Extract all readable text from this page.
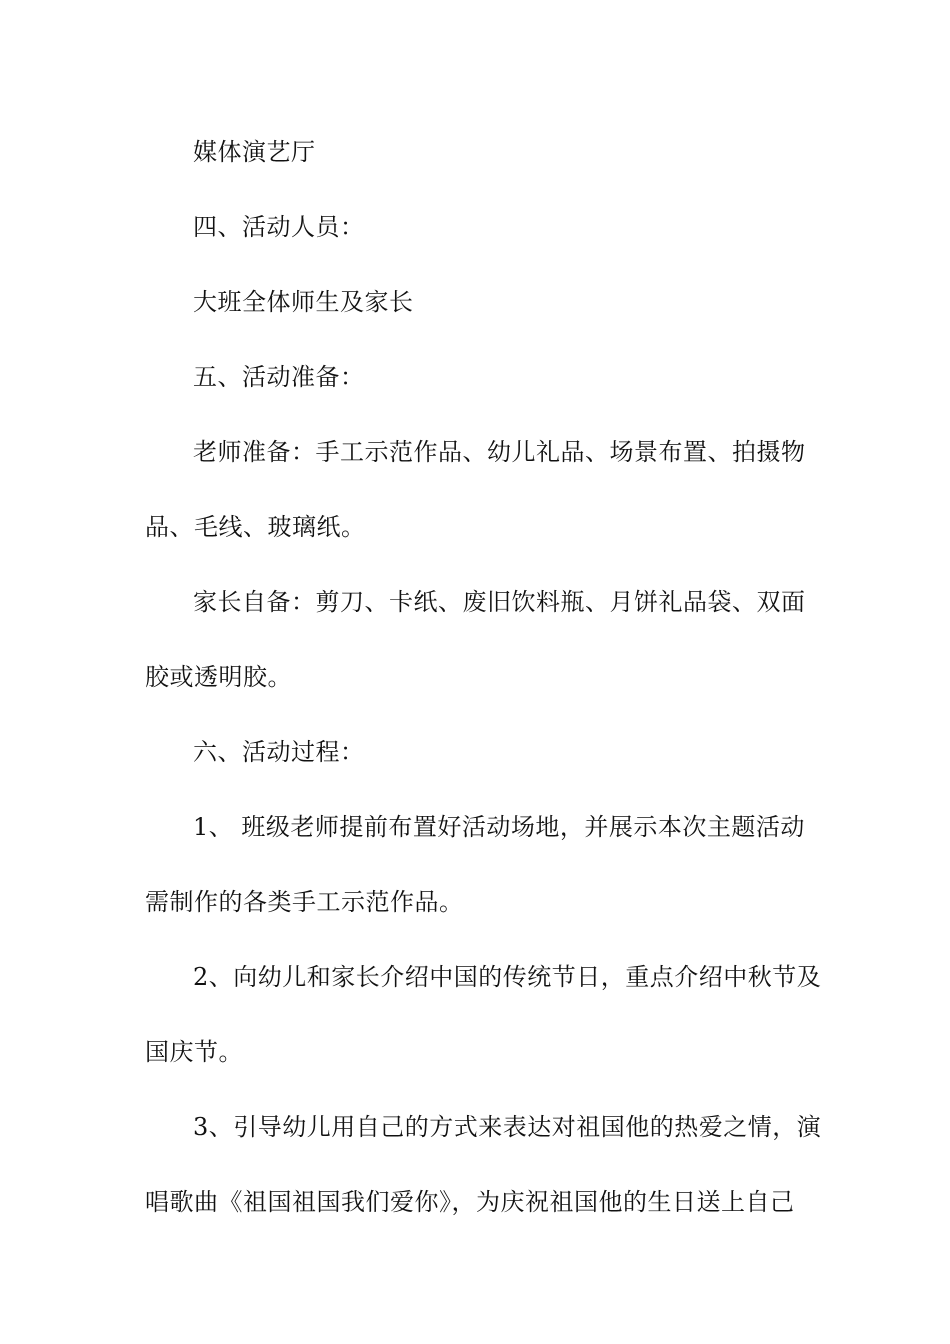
媒体演艺厅
四、活动人员：
大班全体师生及家长
五、活动准备：
老师准备：手工示范作品、幼儿礼品、场景布置、拍摄物
品、毛线、玻璃纸。
家长自备：剪刀、卡纸、废旧饮料瓶、月饼礼品袋、双面
胶或透明胶。
六、活动过程：
1、 班级老师提前布置好活动场地，并展示本次主题活动
需制作的各类手工示范作品。
2、向幼儿和家长介绍中国的传统节日，重点介绍中秋节及
国庆节。
3、引导幼儿用自己的方式来表达对祖国他的热爱之情，演
唱歌曲《祖国祖国我们爱你》，为庆祝祖国他的生日送上自己
